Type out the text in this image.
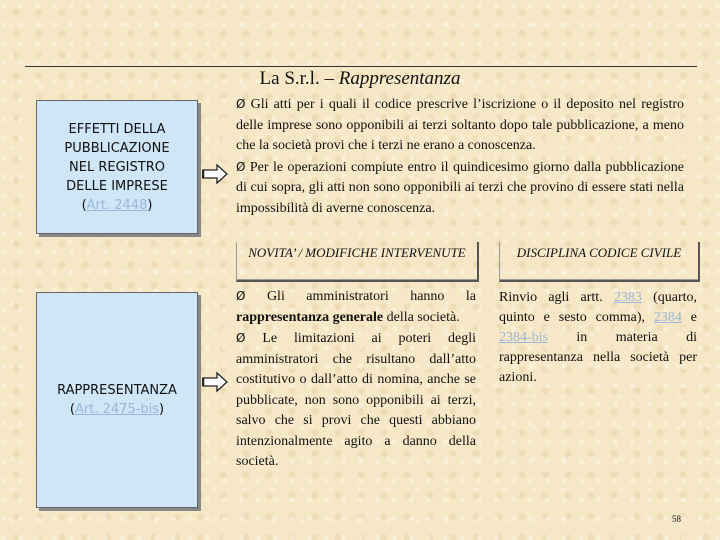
La S.r.l. – Rappresentanza
EFFETTI DELLA
PUBBLICAZIONE
NEL REGISTRO
DELLE IMPRESE
(Art. 2448)
Ø Gli atti per i quali il codice prescrive l’iscrizione o il deposito nel registro delle imprese sono opponibili ai terzi soltanto dopo tale pubblicazione, a meno che la società provi che i terzi ne erano a conoscenza.
Ø Per le operazioni compiute entro il quindicesimo giorno dalla pubblicazione di cui sopra, gli atti non sono opponibili ai terzi che provino di essere stati nella impossibilità di averne conoscenza.
NOVITA’ / MODIFICHE INTERVENUTE	DISCIPLINA CODICE CIVILE
RAPPRESENTANZA
(Art. 2475-bis)
Ø Gli amministratori hanno la rappresentanza generale della società.
Ø Le limitazioni ai poteri degli amministratori che risultano dall’atto costitutivo o dall’atto di nomina, anche se pubblicate, non sono opponibili ai terzi, salvo che si provi che questi abbiano intenzionalmente agito a danno della società.
Rinvio agli artt. 2383 (quarto, quinto e sesto comma), 2384 e 2384-bis in materia di rappresentanza nella società per azioni.
58
